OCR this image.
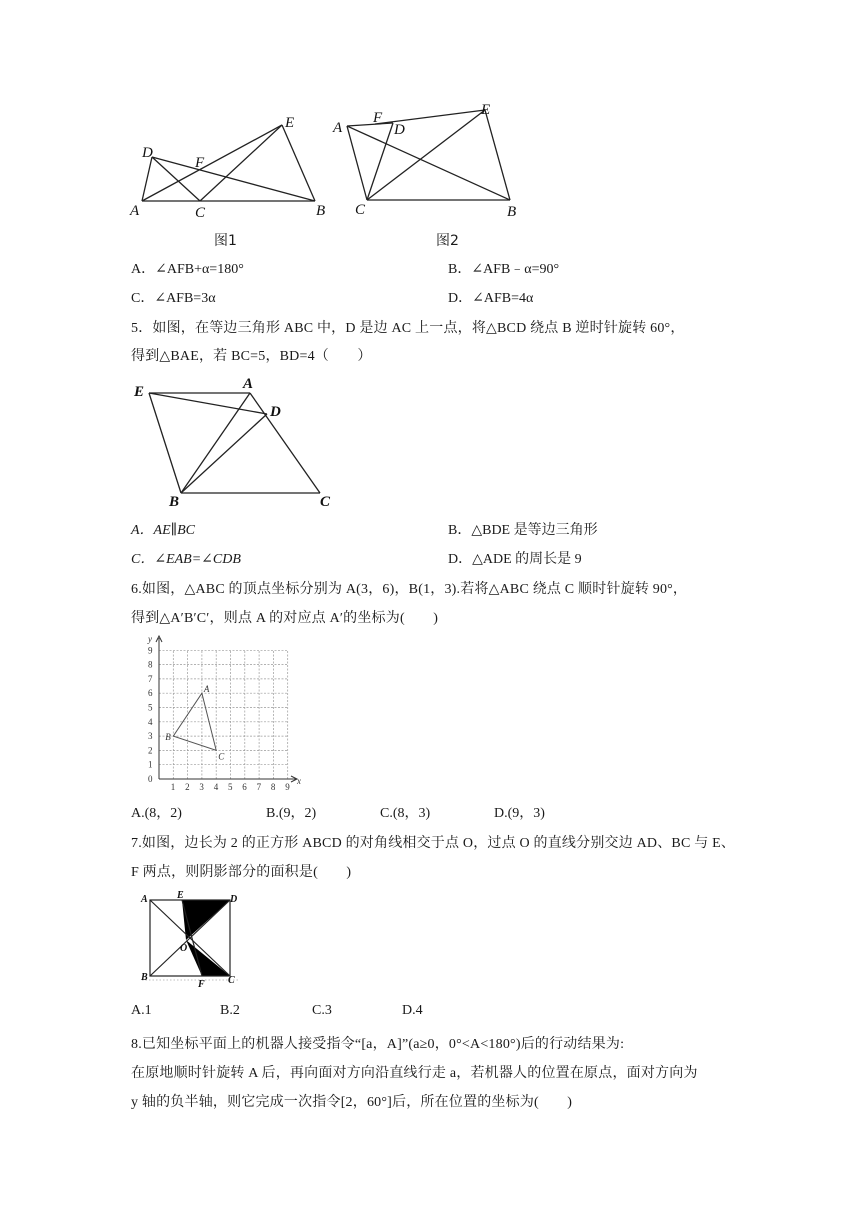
A	B
C
D
E
F
图1
A
B
C
D
E
F
图2
A．∠AFB+α=180°	B．∠AFB﹣α=90°
C．∠AFB=3α	D．∠AFB=4α
5．如图，在等边三角形 ABC 中，D 是边 AC 上一点，将△BCD 绕点 B 逆时针旋转 60°，
得到△BAE，若 BC=5，BD=4（　　）
E	A
D
B	C
A．AE∥BC	B．△BDE 是等边三角形
C．∠EAB=∠CDB	D．△ADE 的周长是 9
6.如图，△ABC 的顶点坐标分别为 A(3，6)，B(1，3).若将△ABC 绕点 C 顺时针旋转 90°，
得到△A′B′C′，则点 A 的对应点 A′的坐标为(　　)
1 2 3 4 5 6 7 8 9
1
2
3
4
5
6
7
8
9
0
y
x
A
B
C
A.(8，2)	B.(9，2)	C.(8，3)	D.(9，3)
7.如图，边长为 2 的正方形 ABCD 的对角线相交于点 O，过点 O 的直线分别交边 AD、BC 与 E、
F 两点，则阴影部分的面积是(　　)
A	E	D
B
F C
O
A.1	B.2	C.3	D.4
8.已知坐标平面上的机器人接受指令“[a，A]”(a≥0，0°<A<180°)后的行动结果为:
在原地顺时针旋转 A 后，再向面对方向沿直线行走 a，若机器人的位置在原点，面对方向为
y 轴的负半轴，则它完成一次指令[2，60°]后，所在位置的坐标为(　　)
